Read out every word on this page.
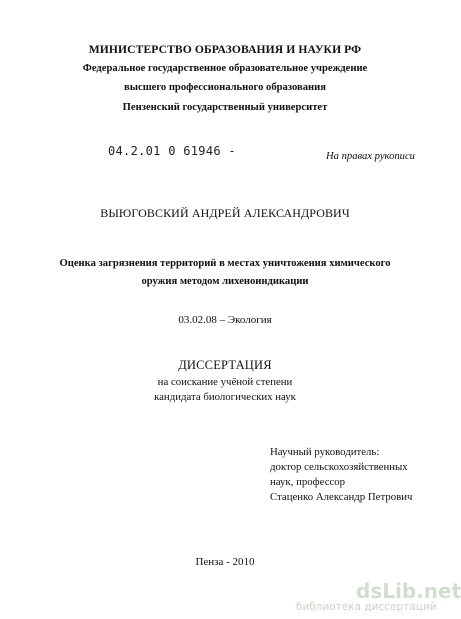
МИНИСТЕРСТВО ОБРАЗОВАНИЯ И НАУКИ РФ
Федеральное государственное образовательное учреждение
высшего профессионального образования
Пензенский государственный университет
04.2.01 0 61946 -	На правах рукописи
ВЫЮГОВСКИЙ АНДРЕЙ АЛЕКСАНДРОВИЧ
Оценка загрязнения территорий в местах уничтожения химического
оружия методом лихеноиндикации
03.02.08 – Экология
ДИССЕРТАЦИЯ
на соискание учёной степени
кандидата биологических наук
Научный руководитель:
доктор сельскохозяйственных
наук, профессор
Стаценко Александр Петрович
Пенза - 2010
dsLib.net
библиотека диссертаций
